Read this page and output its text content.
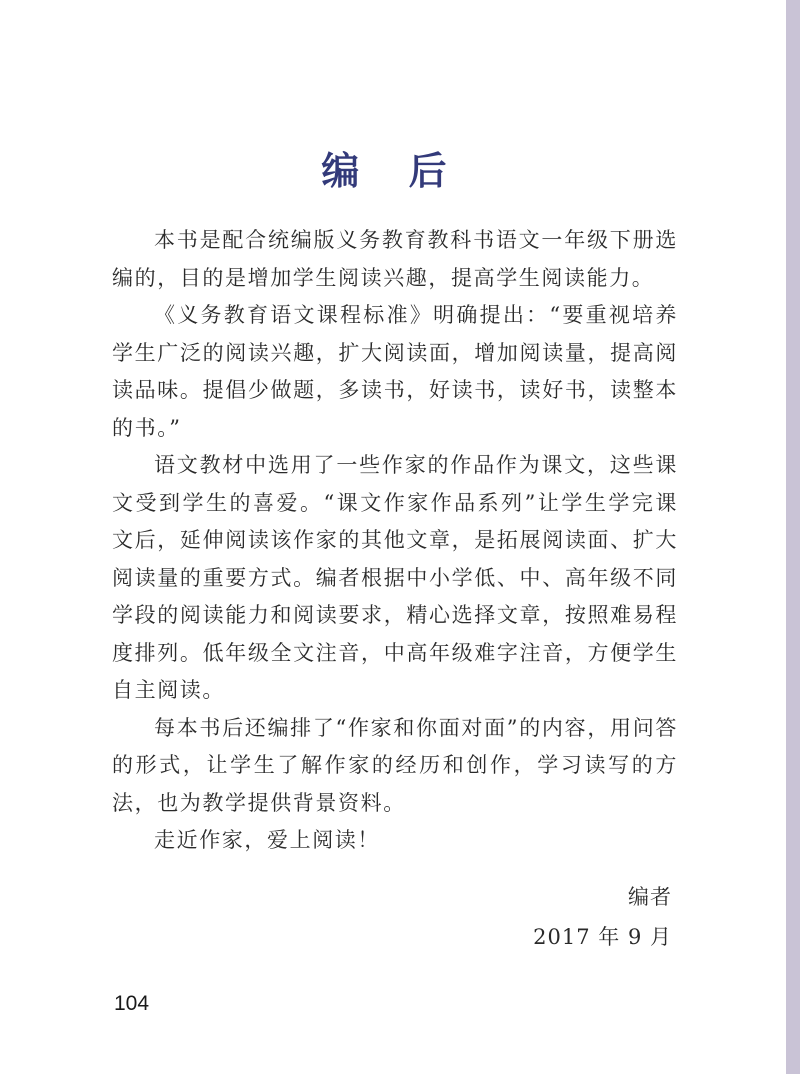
编 后

本书是配合统编版义务教育教科书语文一年级下册选编的，目的是增加学生阅读兴趣，提高学生阅读能力。

《义务教育语文课程标准》明确提出：“要重视培养学生广泛的阅读兴趣，扩大阅读面，增加阅读量，提高阅读品味。提倡少做题，多读书，好读书，读好书，读整本的书。”

语文教材中选用了一些作家的作品作为课文，这些课文受到学生的喜爱。“课文作家作品系列”让学生学完课文后，延伸阅读该作家的其他文章，是拓展阅读面、扩大阅读量的重要方式。编者根据中小学低、中、高年级不同学段的阅读能力和阅读要求，精心选择文章，按照难易程度排列。低年级全文注音，中高年级难字注音，方便学生自主阅读。

每本书后还编排了“作家和你面对面”的内容，用问答的形式，让学生了解作家的经历和创作，学习读写的方法，也为教学提供背景资料。

走近作家，爱上阅读！

编者
2017 年 9 月
104
